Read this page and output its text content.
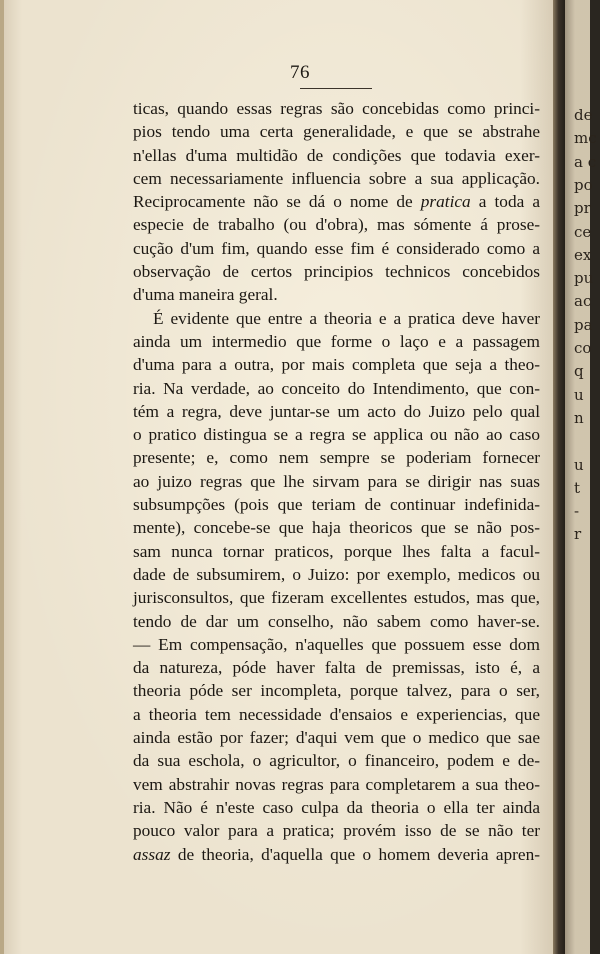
76
ticas, quando essas regras são concebidas como princi-
pios tendo uma certa generalidade, e que se abstrahe
n'ellas d'uma multidão de condições que todavia exer-
cem necessariamente influencia sobre a sua applicação.
Reciprocamente não se dá o nome de pratica a toda a
especie de trabalho (ou d'obra), mas sómente á prose-
cução d'um fim, quando esse fim é considerado como a
observação de certos principios technicos concebidos
d'uma maneira geral.
É evidente que entre a theoria e a pratica deve haver
ainda um intermedio que forme o laço e a passagem
d'uma para a outra, por mais completa que seja a theo-
ria. Na verdade, ao conceito do Intendimento, que con-
tém a regra, deve juntar-se um acto do Juizo pelo qual
o pratico distingua se a regra se applica ou não ao caso
presente; e, como nem sempre se poderiam fornecer
ao juizo regras que lhe sirvam para se dirigir nas suas
subsumpções (pois que teriam de continuar indefinida-
mente), concebe-se que haja theoricos que se não pos-
sam nunca tornar praticos, porque lhes falta a facul-
dade de subsumirem, o Juizo: por exemplo, medicos ou
jurisconsultos, que fizeram excellentes estudos, mas que,
tendo de dar um conselho, não sabem como haver-se.
— Em compensação, n'aquelles que possuem esse dom
da natureza, póde haver falta de premissas, isto é, a
theoria póde ser incompleta, porque talvez, para o ser,
a theoria tem necessidade d'ensaios e experiencias, que
ainda estão por fazer; d'aqui vem que o medico que sae
da sua eschola, o agricultor, o financeiro, podem e de-
vem abstrahir novas regras para completarem a sua theo-
ria. Não é n'este caso culpa da theoria o ella ter ainda
pouco valor para a pratica; provém isso de se não ter
assaz de theoria, d'aquella que o homem deveria apren-
de
mc
a c
po
pr
ce
ex
pu
ac
pa
co
q
u
n
u
t
-
r
